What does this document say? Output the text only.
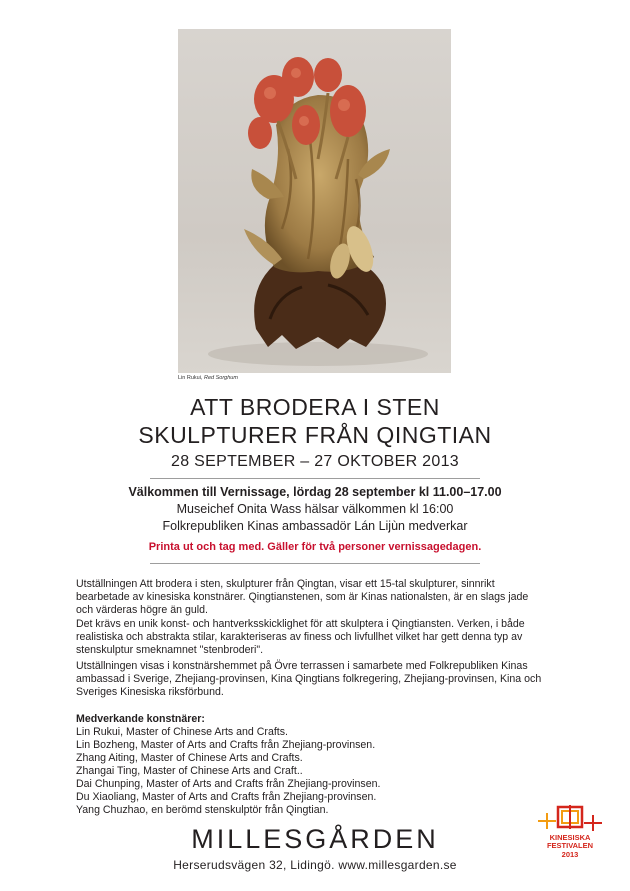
Lin Rukui, Red Sorghum
ATT BRODERA I STEN
SKULPTURER FRÅN QINGTIAN
28 SEPTEMBER – 27 OKTOBER 2013
Välkommen till Vernissage, lördag 28 september kl 11.00–17.00
Museichef Onita Wass hälsar välkommen kl 16:00
Folkrepubliken Kinas ambassadör Lán Lijùn medverkar
Printa ut och tag med. Gäller för två personer vernissagedagen.
Utställningen Att brodera i sten, skulpturer från Qingtan, visar ett 15-tal skulpturer, sinnrikt bearbetade av kinesiska konstnärer. Qingtianstenen, som är Kinas nationalsten, är en slags jade och värderas högre än guld.
Det krävs en unik konst- och hantverksskicklighet för att skulptera i Qingtiansten. Verken, i både realistiska och abstrakta stilar, karakteriseras av finess och livfullhet vilket har gett denna typ av stenskulptur smeknamnet "stenbroderi".
Utställningen visas i konstnärshemmet på Övre terrassen i samarbete med Folkrepubliken Kinas ambassad i Sverige, Zhejiang-provinsen, Kina Qingtians folkregering, Zhejiang-provinsen, Kina och Sveriges Kinesiska riksförbund.
Medverkande konstnärer:
Lin Rukui, Master of Chinese Arts and Crafts.
Lin Bozheng, Master of Arts and Crafts från Zhejiang-provinsen.
Zhang Aiting, Master of Chinese Arts and Crafts.
Zhangai Ting, Master of Chinese Arts and Craft..
Dai Chunping, Master of Arts and Crafts från Zhejiang-provinsen.
Du Xiaoliang, Master of Arts and Crafts från Zhejiang-provinsen.
Yang Chuzhao, en berömd stenskulptör från Qingtian.
MILLESGÅRDEN
Herserudsvägen 32, Lidingö. www.millesgarden.se
KINESISKA
FESTIVALEN
2013
